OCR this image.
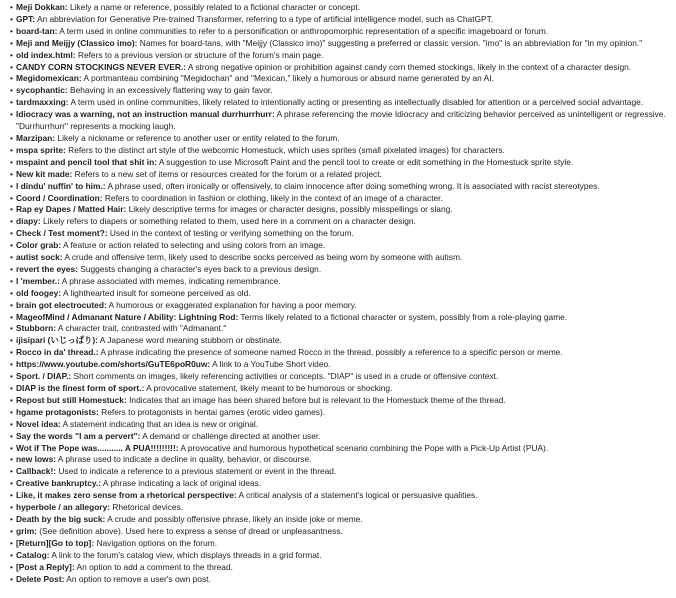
• Meji Dokkan: Likely a name or reference, possibly related to a fictional character or concept.
• GPT: An abbreviation for Generative Pre-trained Transformer, referring to a type of artificial intelligence model, such as ChatGPT.
• board-tan: A term used in online communities to refer to a personification or anthropomorphic representation of a specific imageboard or forum.
• Meji and Meijjy (Classico imo): Names for board-tans, with "Meijjy (Classico imo)" suggesting a preferred or classic version. "imo" is an abbreviation for "in my opinion."
• old index.html: Refers to a previous version or structure of the forum's main page.
• CANDY CORN STOCKINGS NEVER EVER.: A strong negative opinion or prohibition against candy corn themed stockings, likely in the context of a character design.
• Megidomexican: A portmanteau combining "Megidochan" and "Mexican," likely a humorous or absurd name generated by an AI.
• sycophantic: Behaving in an excessively flattering way to gain favor.
• tardmaxxing: A term used in online communities, likely related to intentionally acting or presenting as intellectually disabled for attention or a perceived social advantage.
• Idiocracy was a warning, not an instruction manual durrhurrhurr: A phrase referencing the movie Idiocracy and criticizing behavior perceived as unintelligent or regressive. "Durrhurrhurr" represents a mocking laugh.
• Marzipan: Likely a nickname or reference to another user or entity related to the forum.
• mspa sprite: Refers to the distinct art style of the webcomic Homestuck, which uses sprites (small pixelated images) for characters.
• mspaint and pencil tool that shit in: A suggestion to use Microsoft Paint and the pencil tool to create or edit something in the Homestuck sprite style.
• New kit made: Refers to a new set of items or resources created for the forum or a related project.
• I dindu' nuffin' to him.: A phrase used, often ironically or offensively, to claim innocence after doing something wrong. It is associated with racist stereotypes.
• Coord / Coordination: Refers to coordination in fashion or clothing, likely in the context of an image of a character.
• Rap ey Dapes / Matted Hair: Likely descriptive terms for images or character designs, possibly misspellings or slang.
• diapy: Likely refers to diapers or something related to them, used here in a comment on a character design.
• Check / Test moment?: Used in the context of testing or verifying something on the forum.
• Color grab: A feature or action related to selecting and using colors from an image.
• autist sock: A crude and offensive term, likely used to describe socks perceived as being worn by someone with autism.
• revert the eyes: Suggests changing a character's eyes back to a previous design.
• I 'member.: A phrase associated with memes, indicating remembrance.
• old foogey: A lighthearted insult for someone perceived as old.
• brain got electrocuted: A humorous or exaggerated explanation for having a poor memory.
• MageofMind / Admanant Nature / Ability: Lightning Rod: Terms likely related to a fictional character or system, possibly from a role-playing game.
• Stubborn: A character trait, contrasted with "Admanant."
• ijisipari (いじっぱり): A Japanese word meaning stubborn or obstinate.
• Rocco in da' thread.: A phrase indicating the presence of someone named Rocco in the thread, possibly a reference to a specific person or meme.
• https://www.youtube.com/shorts/GuTE6poR0uw: A link to a YouTube Short video.
• Sport. / DIAP.: Short comments on images, likely referencing activities or concepts. "DIAP" is used in a crude or offensive context.
• DIAP is the finest form of sport.: A provocative statement, likely meant to be humorous or shocking.
• Repost but still Homestuck: Indicates that an image has been shared before but is relevant to the Homestuck theme of the thread.
• hgame protagonists: Refers to protagonists in hentai games (erotic video games).
• Novel idea: A statement indicating that an idea is new or original.
• Say the words "I am a pervert": A demand or challenge directed at another user.
• Wot if The Pope was........... A PUA!!!!!!!!!: A provocative and humorous hypothetical scenario combining the Pope with a Pick-Up Artist (PUA).
• new lows: A phrase used to indicate a decline in quality, behavior, or discourse.
• Callback!: Used to indicate a reference to a previous statement or event in the thread.
• Creative bankruptcy.: A phrase indicating a lack of original ideas.
• Like, it makes zero sense from a rhetorical perspective: A critical analysis of a statement's logical or persuasive qualities.
• hyperbole / an allegory: Rhetorical devices.
• Death by the big suck: A crude and possibly offensive phrase, likely an inside joke or meme.
• grim: (See definition above). Used here to express a sense of dread or unpleasantness.
• [Return][Go to top]: Navigation options on the forum.
• Catalog: A link to the forum's catalog view, which displays threads in a grid format.
• [Post a Reply]: An option to add a comment to the thread.
• Delete Post: An option to remove a user's own post.
